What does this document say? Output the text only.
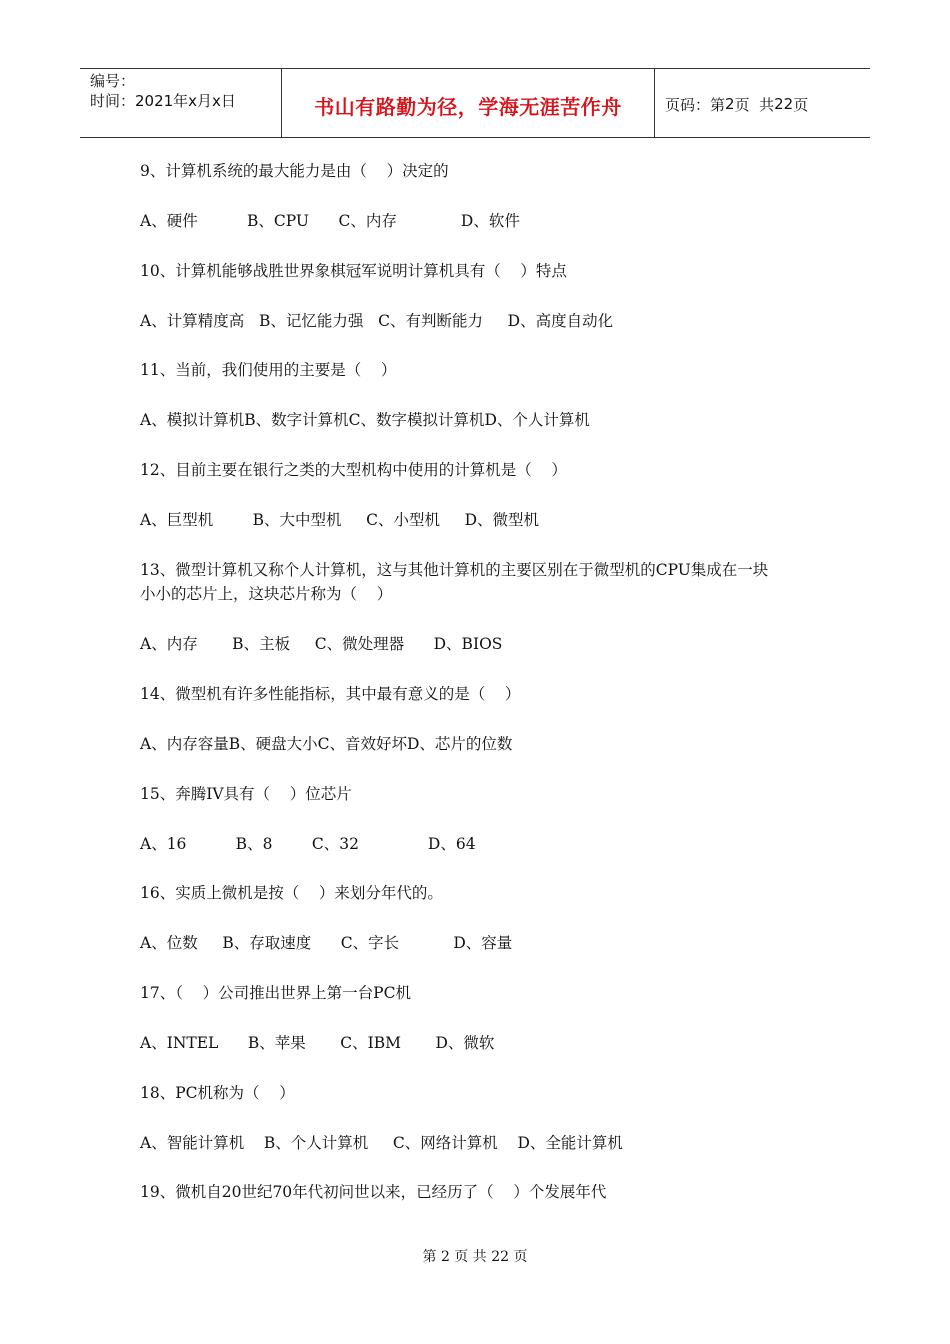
编号：
时间：2021年x月x日	书山有路勤为径，学海无涯苦作舟	页码：第 2 页  共 22 页
9、计算机系统的最大能力是由（    ）决定的
A、硬件          B、CPU      C、内存             D、软件
10、计算机能够战胜世界象棋冠军说明计算机具有（    ）特点
A、计算精度高   B、记忆能力强   C、有判断能力     D、高度自动化
11、当前，我们使用的主要是（    ）
A、模拟计算机B、数字计算机C、数字模拟计算机D、个人计算机
12、目前主要在银行之类的大型机构中使用的计算机是（    ）
A、巨型机        B、大中型机     C、小型机     D、微型机
13、微型计算机又称个人计算机，这与其他计算机的主要区别在于微型机的CPU集成在一块
小小的芯片上，这块芯片称为（    ）
A、内存       B、主板     C、微处理器      D、BIOS
14、微型机有许多性能指标，其中最有意义的是（    ）
A、内存容量B、硬盘大小C、音效好坏D、芯片的位数
15、奔腾IV具有（    ）位芯片
A、16          B、8        C、32              D、64
16、实质上微机是按（    ）来划分年代的。
A、位数     B、存取速度      C、字长           D、容量
17、（    ）公司推出世界上第一台PC机
A、INTEL      B、苹果       C、IBM       D、微软
18、PC机称为（    ）
A、智能计算机    B、个人计算机     C、网络计算机    D、全能计算机
19、微机自20世纪70年代初问世以来，已经历了（    ）个发展年代
第 2 页 共 22 页
